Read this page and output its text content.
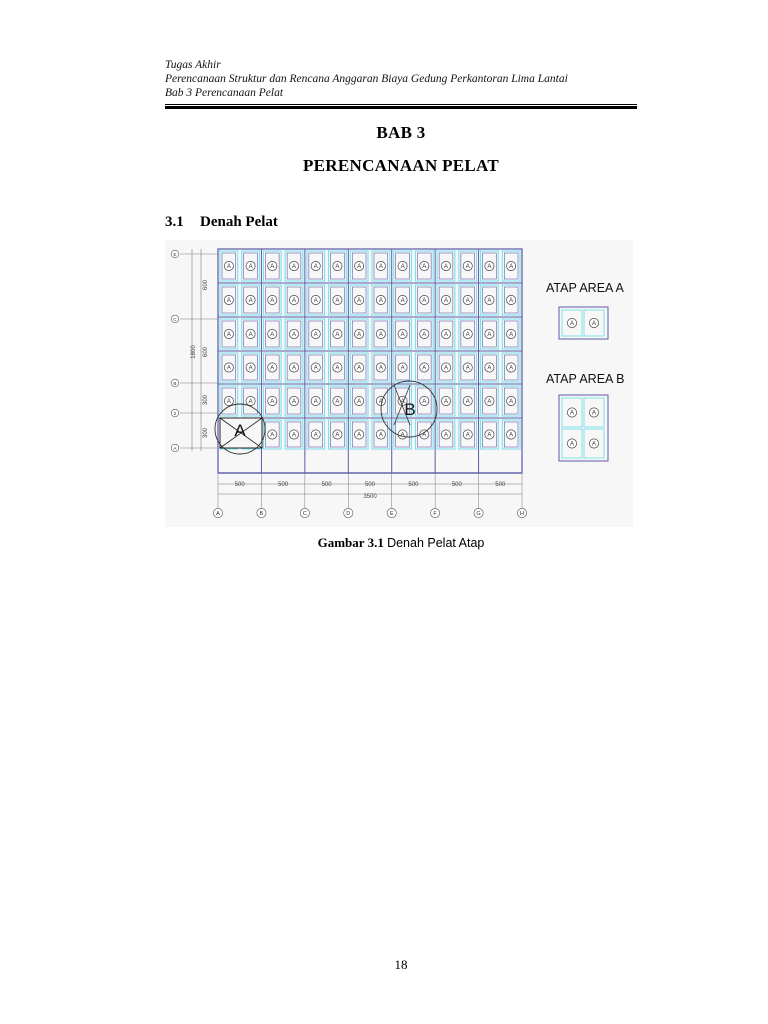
Tugas Akhir
Perencanaan Struktur dan Rencana Anggaran Biaya Gedung Perkantoran Lima Lantai
Bab 3 Perencanaan Pelat
BAB 3
PERENCANAAN PELAT
3.1 Denah Pelat
A	A	A	A	A	A	A	A	A	A	A	A	A	A
A	A	A	A	A	A	A	A	A	A	A	A	A	A
A	A	A	A	A	A	A	A	A	A	A	A	A	A
A	A	A	A	A	A	A	A	A	A	A	A	A	A
A	A	A	A	A	A	A	A	A	A	A	A	A	A
A	A	A	A	A	A	A	A	A	A	A	A
A
B
E
C
B
2
A
600
600
300
300
1800
500	500	500	500	500	500	500
3500
A	B	C	D	E	F	G	H
ATAP AREA A
A	A
ATAP AREA B
A	A
A	A
Gambar 3.1 Denah Pelat Atap
18
